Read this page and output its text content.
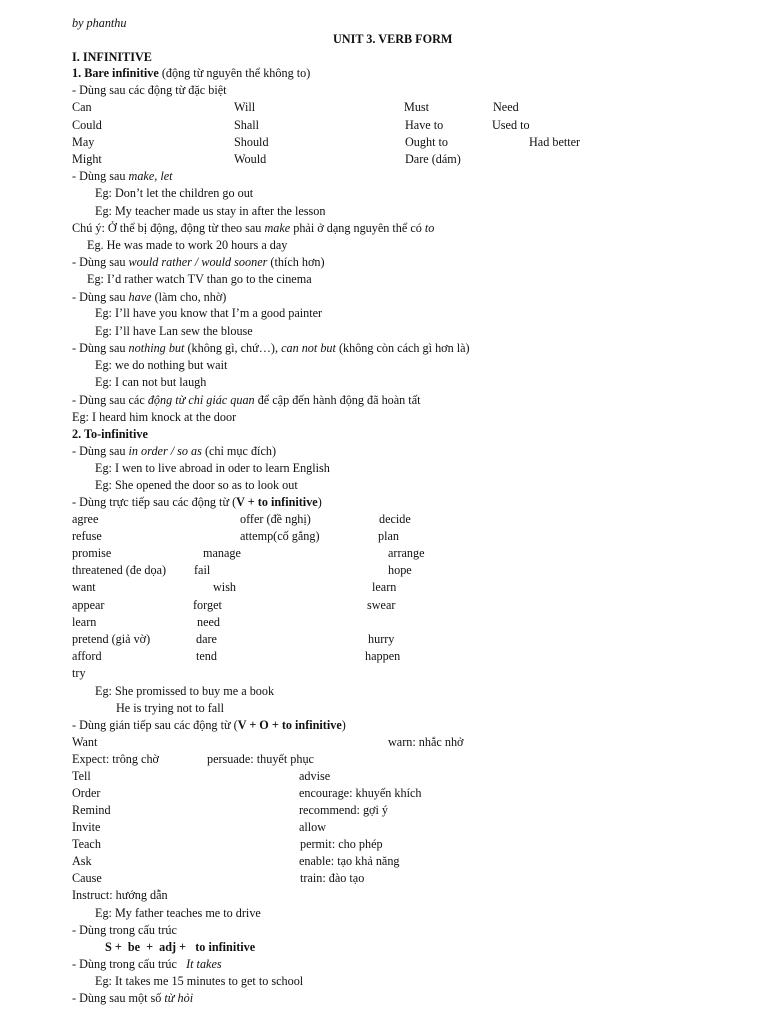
by phanthu
UNIT 3. VERB FORM
I. INFINITIVE
1. Bare infinitive (động từ nguyên thể không to)
- Dùng sau các động từ đặc biệt
Can	Will	Must	Need
Could	Shall	Have to	Used to
May	Should	Ought to	Had better
Might	Would	Dare (dám)
- Dùng sau make, let
Eg: Don’t let the children go out
Eg: My teacher made us stay in after the lesson
Chú ý: Ở thể bị động, động từ theo sau make phải ở dạng nguyên thể có to
Eg. He was made to work 20 hours a day
- Dùng sau would rather / would sooner (thích hơn)
Eg: I’d rather watch TV than go to the cinema
- Dùng sau have (làm cho, nhờ)
Eg: I’ll have you know that I’m a good painter
Eg: I’ll have Lan sew the blouse
- Dùng sau nothing but (không gì, chứ…), can not but (không còn cách gì hơn là)
Eg: we do nothing but wait
Eg: I can not but laugh
- Dùng sau các động từ chỉ giác quan để cập đến hành động đã hoàn tất
Eg: I heard him knock at the door
2. To-infinitive
- Dùng sau in order / so as (chỉ mục đích)
Eg: I wen to live abroad in oder to learn English
Eg: She opened the door so as to look out
- Dùng trực tiếp sau các động từ (V + to infinitive)
agree	offer (đề nghị)	decide
refuse	attemp(cố gắng)	plan
promise	manage	arrange
threatened (đe dọa) fail	hope
want	wish	learn
appear	forget	swear
learn	need
pretend (giả vờ)	dare	hurry
afford	tend	happen
try
Eg: She promissed to buy me a book
He is trying not to fall
- Dùng gián tiếp sau các động từ (V + O + to infinitive)
Want	warn: nhắc nhở
Expect: trông chờ	persuade: thuyết phục
Tell	advise
Order	encourage: khuyến khích
Remind	recommend: gợi ý
Invite	allow
Teach	permit: cho phép
Ask	enable: tạo khả năng
Cause	train: đào tạo
Instruct: hướng dẫn
Eg: My father teaches me to drive
- Dùng trong cấu trúc
S +  be  +  adj +   to infinitive
- Dùng trong cấu trúc   It takes
Eg: It takes me 15 minutes to get to school
- Dùng sau một số từ hỏi
